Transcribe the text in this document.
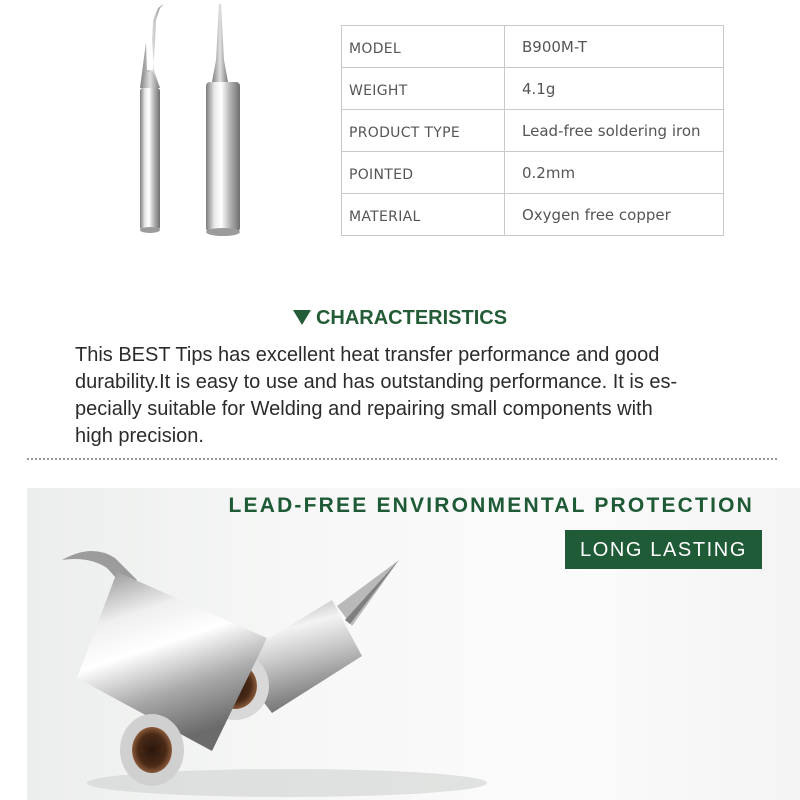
MODEL	B900M-T
WEIGHT	4.1g
PRODUCT TYPE	Lead-free soldering iron
POINTED	0.2mm
MATERIAL	Oxygen free copper
CHARACTERISTICS
This BEST Tips has excellent heat transfer performance and good
durability.It is easy to use and has outstanding performance. It is es-
pecially suitable for Welding and repairing small components with
high precision.
LEAD-FREE ENVIRONMENTAL PROTECTION
LONG LASTING
